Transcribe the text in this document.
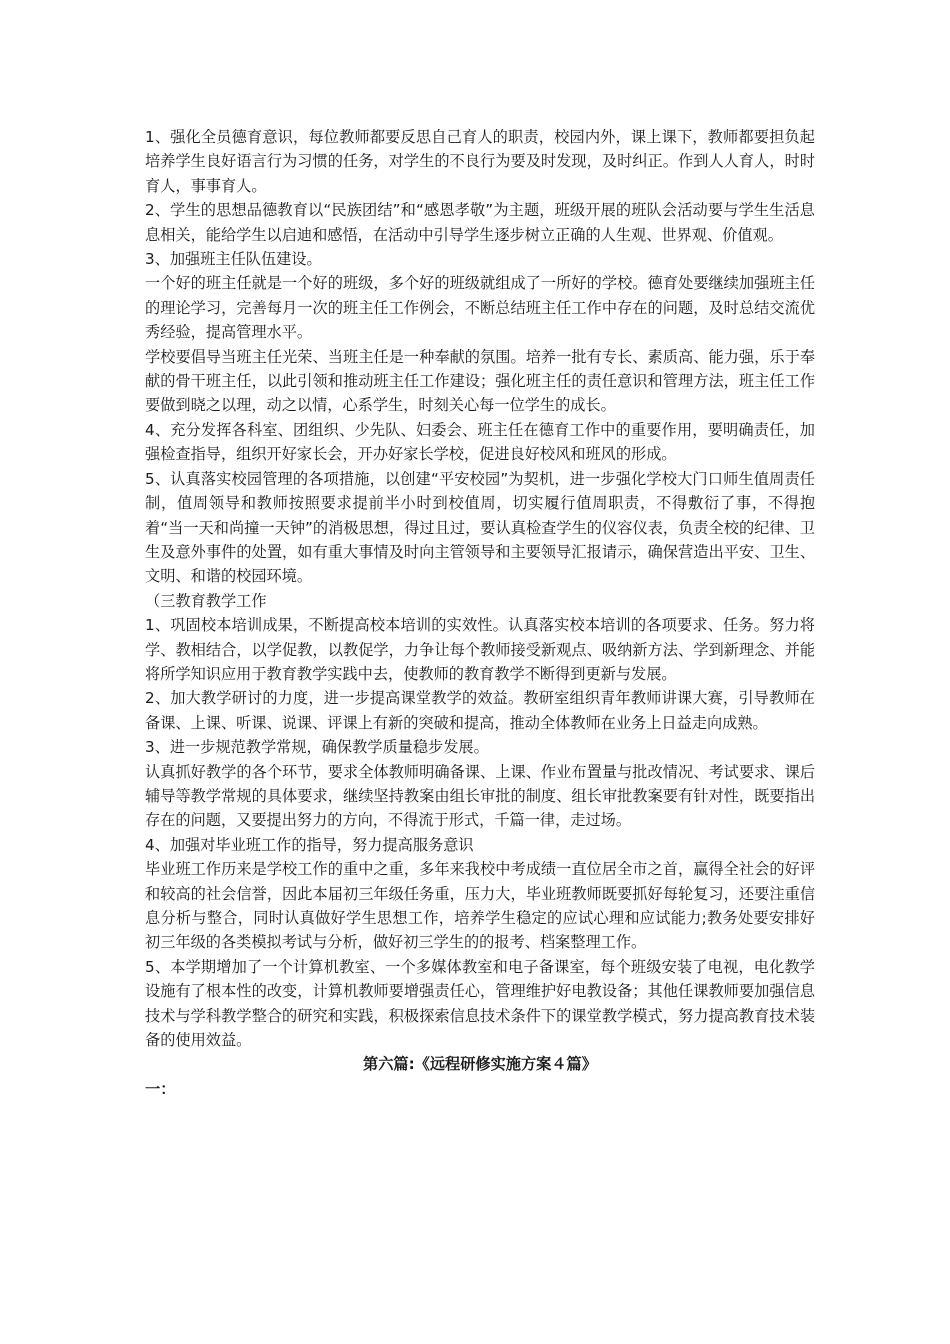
1、强化全员德育意识，每位教师都要反思自己育人的职责，校园内外，课上课下，教师都要担负起培养学生良好语言行为习惯的任务，对学生的不良行为要及时发现，及时纠正。作到人人育人，时时育人，事事育人。

2、学生的思想品德教育以“民族团结”和“感恩孝敬”为主题，班级开展的班队会活动要与学生生活息息相关，能给学生以启迪和感悟，在活动中引导学生逐步树立正确的人生观、世界观、价值观。

3、加强班主任队伍建设。

一个好的班主任就是一个好的班级，多个好的班级就组成了一所好的学校。德育处要继续加强班主任的理论学习，完善每月一次的班主任工作例会，不断总结班主任工作中存在的问题，及时总结交流优秀经验，提高管理水平。

学校要倡导当班主任光荣、当班主任是一种奉献的氛围。培养一批有专长、素质高、能力强，乐于奉献的骨干班主任，以此引领和推动班主任工作建设；强化班主任的责任意识和管理方法，班主任工作要做到晓之以理，动之以情，心系学生，时刻关心每一位学生的成长。

4、充分发挥各科室、团组织、少先队、妇委会、班主任在德育工作中的重要作用，要明确责任，加强检查指导，组织开好家长会，开办好家长学校，促进良好校风和班风的形成。

5、认真落实校园管理的各项措施，以创建“平安校园”为契机，进一步强化学校大门口师生值周责任制，值周领导和教师按照要求提前半小时到校值周，切实履行值周职责，不得敷衍了事，不得抱着“当一天和尚撞一天钟”的消极思想，得过且过，要认真检查学生的仪容仪表，负责全校的纪律、卫生及意外事件的处置，如有重大事情及时向主管领导和主要领导汇报请示，确保营造出平安、卫生、文明、和谐的校园环境。

（三教育教学工作

1、巩固校本培训成果，不断提高校本培训的实效性。认真落实校本培训的各项要求、任务。努力将学、教相结合，以学促教，以教促学，力争让每个教师接受新观点、吸纳新方法、学到新理念、并能将所学知识应用于教育教学实践中去，使教师的教育教学不断得到更新与发展。

2、加大教学研讨的力度，进一步提高课堂教学的效益。教研室组织青年教师讲课大赛，引导教师在备课、上课、听课、说课、评课上有新的突破和提高，推动全体教师在业务上日益走向成熟。

3、进一步规范教学常规，确保教学质量稳步发展。

认真抓好教学的各个环节，要求全体教师明确备课、上课、作业布置量与批改情况、考试要求、课后辅导等教学常规的具体要求，继续坚持教案由组长审批的制度、组长审批教案要有针对性，既要指出存在的问题，又要提出努力的方向，不得流于形式，千篇一律，走过场。

4、加强对毕业班工作的指导，努力提高服务意识

毕业班工作历来是学校工作的重中之重，多年来我校中考成绩一直位居全市之首，赢得全社会的好评和较高的社会信誉，因此本届初三年级任务重，压力大，毕业班教师既要抓好每轮复习，还要注重信息分析与整合，同时认真做好学生思想工作，培养学生稳定的应试心理和应试能力;教务处要安排好初三年级的各类模拟考试与分析，做好初三学生的的报考、档案整理工作。

5、本学期增加了一个计算机教室、一个多媒体教室和电子备课室，每个班级安装了电视，电化教学设施有了根本性的改变，计算机教师要增强责任心，管理维护好电教设备；其他任课教师要加强信息技术与学科教学整合的研究和实践，积极探索信息技术条件下的课堂教学模式，努力提高教育技术装备的使用效益。

第六篇:《远程研修实施方案４篇》

一：
